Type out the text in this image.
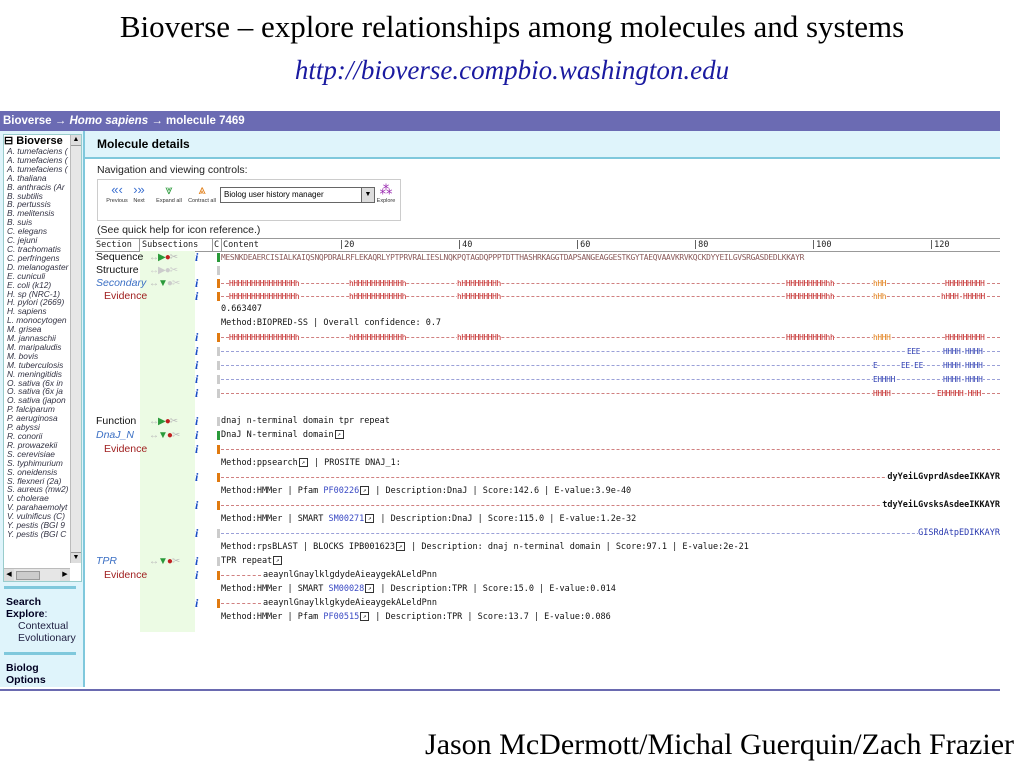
Bioverse – explore relationships among molecules and systems
http://bioverse.compbio.washington.edu
Bioverse → Homo sapiens → molecule 7469
⊟ Bioverse
A. tumefaciens (
A. tumefaciens (
A. tumefaciens (
A. thaliana
B. anthracis (Ar
B. subtilis
B. pertussis
B. melitensis
B. suis
C. elegans
C. jejuni
C. trachomatis
C. perfringens
D. melanogaster
E. cuniculi
E. coli (k12)
H. sp (NRC-1)
H. pylori (2669)
H. sapiens
L. monocytogen
M. grisea
M. jannaschii
M. maripaludis
M. bovis
M. tuberculosis
N. meningitidis
O. sativa (6x in
O. sativa (6x ja
O. sativa (japon
P. falciparum
P. aeruginosa
P. abyssi
R. conorii
R. prowazekii
S. cerevisiae
S. typhimurium
S. oneidensis
S. flexneri (2a)
S. aureus (mw2)
V. cholerae
V. parahaemolyt
V. vulnificus (C)
Y. pestis (BGI 9
Y. pestis (BGI C
▲
▼
◀	▶
Search
Explore:
Contextual
Evolutionary
Biolog
Options
Molecule details
Navigation and viewing controls:
«‹
Previous
›»
Next
⩔
Expand all
⩓
Contract all
Biolog user history manager	▼ ⁂
Explore
(See quick help for icon reference.)
Section	Subsections C Content	|20	|40	|60	|80	|100	|120
Sequence ↔▶●✂ i	MESNKDEAERCISIALKAIQSNQPDRALRFLEKAQRLYPTPRVRALIESLNQKPQTAGDQPPPTDTTHASHRKAGGTDAPSANGEAGGESTKGYTAEQVAAVKRVKQCKDYYEILGVSRGASDEDLKKAYR
Structure ↔▶●✂
Secondary ↔▼●✂ i	HHHHHHHHHHHHHHHh	hHHHHHHHHHHHh	hHHHHHHHHh	HHHHHHHHHhh	hHH	HHHHHHHHH
Evidence	i	HHHHHHHHHHHHHHHh	hHHHHHHHHHHHh	hHHHHHHHHh	HHHHHHHHHhh	hHh	hHHH-HHHHH
0.663407
Method:BIOPRED-SS | Overall confidence: 0.7
i	HHHHHHHHHHHHHHHh	hHHHHHHHHHHHh	hHHHHHHHHh	HHHHHHHHHhh	hHHH	HHHHHHHHH
i	EEE	HHHH-HHHH
i	E	EE-EE	HHHH-HHHH
i	EHHHH	HHHH-HHHH
i	HHHH	EHHHHH-HHH
Function ↔▶●✂ i	dnaj n-terminal domain tpr repeat
DnaJ_N ↔▼●✂ i	DnaJ N-terminal domain ↗
Evidence	i
Method:ppsearch ↗ | PROSITE DNAJ_1:
i	dyYeiLGvprdAsdeeIKKAYR
Method:HMMer | Pfam PF00226 ↗ | Description:DnaJ | Score:142.6 | E-value:3.9e-40
i	tdyYeiLGvsksAsdeeIKKAYR
Method:HMMer | SMART SM00271 ↗ | Description:DnaJ | Score:115.0 | E-value:1.2e-32
i	GISRdAtpEDIKKAYR
Method:rpsBLAST | BLOCKS IPB001623 ↗ | Description: dnaj n-terminal domain | Score:97.1 | E-value:2e-21
TPR	↔▼●✂ i	TPR repeat ↗
Evidence	i	aeaynlGnaylklgdydeAieaygekALeldPnn
Method:HMMer | SMART SM00028 ↗ | Description:TPR | Score:15.0 | E-value:0.014
i	aeaynlGnaylklgkydeAieaygekALeldPnn
Method:HMMer | Pfam PF00515 ↗ | Description:TPR | Score:13.7 | E-value:0.086
Jason McDermott/Michal Guerquin/Zach Frazier
